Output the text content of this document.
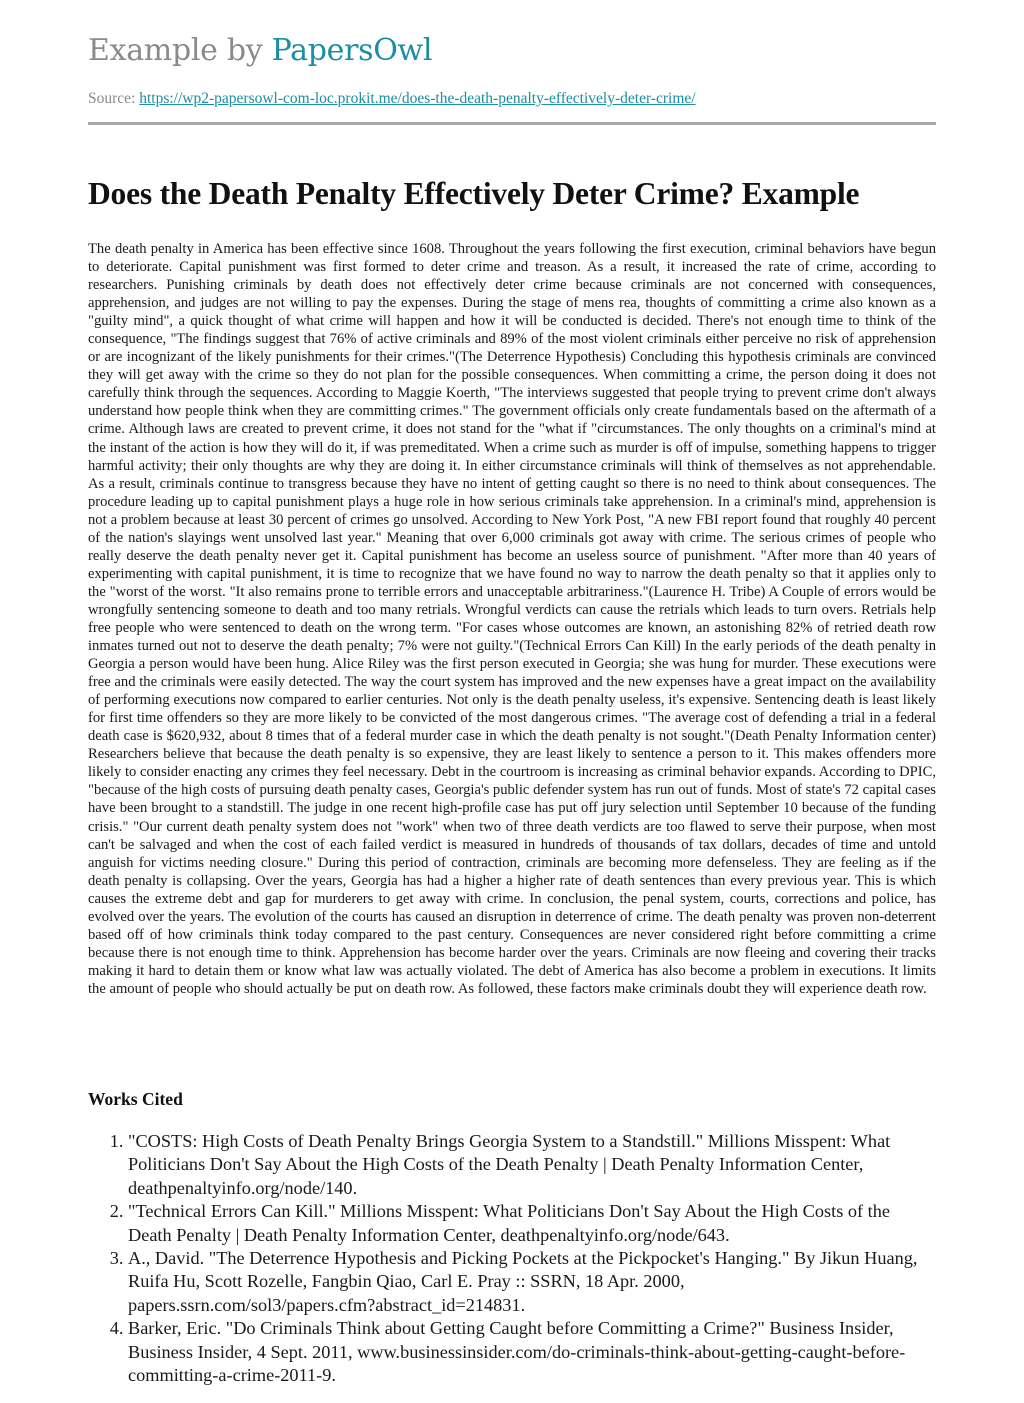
Example by PapersOwl
Source: https://wp2-papersowl-com-loc.prokit.me/does-the-death-penalty-effectively-deter-crime/
Does the Death Penalty Effectively Deter Crime? Example

The death penalty in America has been effective since 1608. Throughout the years following the first execution, criminal behaviors have begun to deteriorate. Capital punishment was first formed to deter crime and treason. As a result, it increased the rate of crime, according to researchers. Punishing criminals by death does not effectively deter crime because criminals are not concerned with consequences, apprehension, and judges are not willing to pay the expenses. During the stage of mens rea, thoughts of committing a crime also known as a "guilty mind", a quick thought of what crime will happen and how it will be conducted is decided. There's not enough time to think of the consequence, "The findings suggest that 76% of active criminals and 89% of the most violent criminals either perceive no risk of apprehension or are incognizant of the likely punishments for their crimes."(The Deterrence Hypothesis) Concluding this hypothesis criminals are convinced they will get away with the crime so they do not plan for the possible consequences. When committing a crime, the person doing it does not carefully think through the sequences. According to Maggie Koerth, "The interviews suggested that people trying to prevent crime don't always understand how people think when they are committing crimes." The government officials only create fundamentals based on the aftermath of a crime. Although laws are created to prevent crime, it does not stand for the "what if "circumstances. The only thoughts on a criminal's mind at the instant of the action is how they will do it, if was premeditated. When a crime such as murder is off of impulse, something happens to trigger harmful activity; their only thoughts are why they are doing it. In either circumstance criminals will think of themselves as not apprehendable. As a result, criminals continue to transgress because they have no intent of getting caught so there is no need to think about consequences. The procedure leading up to capital punishment plays a huge role in how serious criminals take apprehension. In a criminal's mind, apprehension is not a problem because at least 30 percent of crimes go unsolved. According to New York Post, "A new FBI report found that roughly 40 percent of the nation's slayings went unsolved last year." Meaning that over 6,000 criminals got away with crime. The serious crimes of people who really deserve the death penalty never get it. Capital punishment has become an useless source of punishment. "After more than 40 years of experimenting with capital punishment, it is time to recognize that we have found no way to narrow the death penalty so that it applies only to the "worst of the worst. "It also remains prone to terrible errors and unacceptable arbitrariness."(Laurence H. Tribe) A Couple of errors would be wrongfully sentencing someone to death and too many retrials. Wrongful verdicts can cause the retrials which leads to turn overs. Retrials help free people who were sentenced to death on the wrong term. "For cases whose outcomes are known, an astonishing 82% of retried death row inmates turned out not to deserve the death penalty; 7% were not guilty."(Technical Errors Can Kill) In the early periods of the death penalty in Georgia a person would have been hung. Alice Riley was the first person executed in Georgia; she was hung for murder. These executions were free and the criminals were easily detected. The way the court system has improved and the new expenses have a great impact on the availability of performing executions now compared to earlier centuries. Not only is the death penalty useless, it's expensive. Sentencing death is least likely for first time offenders so they are more likely to be convicted of the most dangerous crimes. "The average cost of defending a trial in a federal death case is $620,932, about 8 times that of a federal murder case in which the death penalty is not sought."(Death Penalty Information center) Researchers believe that because the death penalty is so expensive, they are least likely to sentence a person to it. This makes offenders more likely to consider enacting any crimes they feel necessary. Debt in the courtroom is increasing as criminal behavior expands. According to DPIC, "because of the high costs of pursuing death penalty cases, Georgia's public defender system has run out of funds. Most of state's 72 capital cases have been brought to a standstill. The judge in one recent high-profile case has put off jury selection until September 10 because of the funding crisis." "Our current death penalty system does not "work" when two of three death verdicts are too flawed to serve their purpose, when most can't be salvaged and when the cost of each failed verdict is measured in hundreds of thousands of tax dollars, decades of time and untold anguish for victims needing closure." During this period of contraction, criminals are becoming more defenseless. They are feeling as if the death penalty is collapsing. Over the years, Georgia has had a higher a higher rate of death sentences than every previous year. This is which causes the extreme debt and gap for murderers to get away with crime. In conclusion, the penal system, courts, corrections and police, has evolved over the years. The evolution of the courts has caused an disruption in deterrence of crime. The death penalty was proven non-deterrent based off of how criminals think today compared to the past century. Consequences are never considered right before committing a crime because there is not enough time to think. Apprehension has become harder over the years. Criminals are now fleeing and covering their tracks making it hard to detain them or know what law was actually violated. The debt of America has also become a problem in executions. It limits the amount of people who should actually be put on death row. As followed, these factors make criminals doubt they will experience death row.

Works Cited
1. "COSTS: High Costs of Death Penalty Brings Georgia System to a Standstill." Millions Misspent: What Politicians Don't Say About the High Costs of the Death Penalty | Death Penalty Information Center, deathpenaltyinfo.org/node/140.
2. "Technical Errors Can Kill." Millions Misspent: What Politicians Don't Say About the High Costs of the Death Penalty | Death Penalty Information Center, deathpenaltyinfo.org/node/643.
3. A., David. "The Deterrence Hypothesis and Picking Pockets at the Pickpocket's Hanging." By Jikun Huang, Ruifa Hu, Scott Rozelle, Fangbin Qiao, Carl E. Pray :: SSRN, 18 Apr. 2000, papers.ssrn.com/sol3/papers.cfm?abstract_id=214831.
4. Barker, Eric. "Do Criminals Think about Getting Caught before Committing a Crime?" Business Insider, Business Insider, 4 Sept. 2011, www.businessinsider.com/do-criminals-think-about-getting-caught-before-committing-a-crime-2011-9.
